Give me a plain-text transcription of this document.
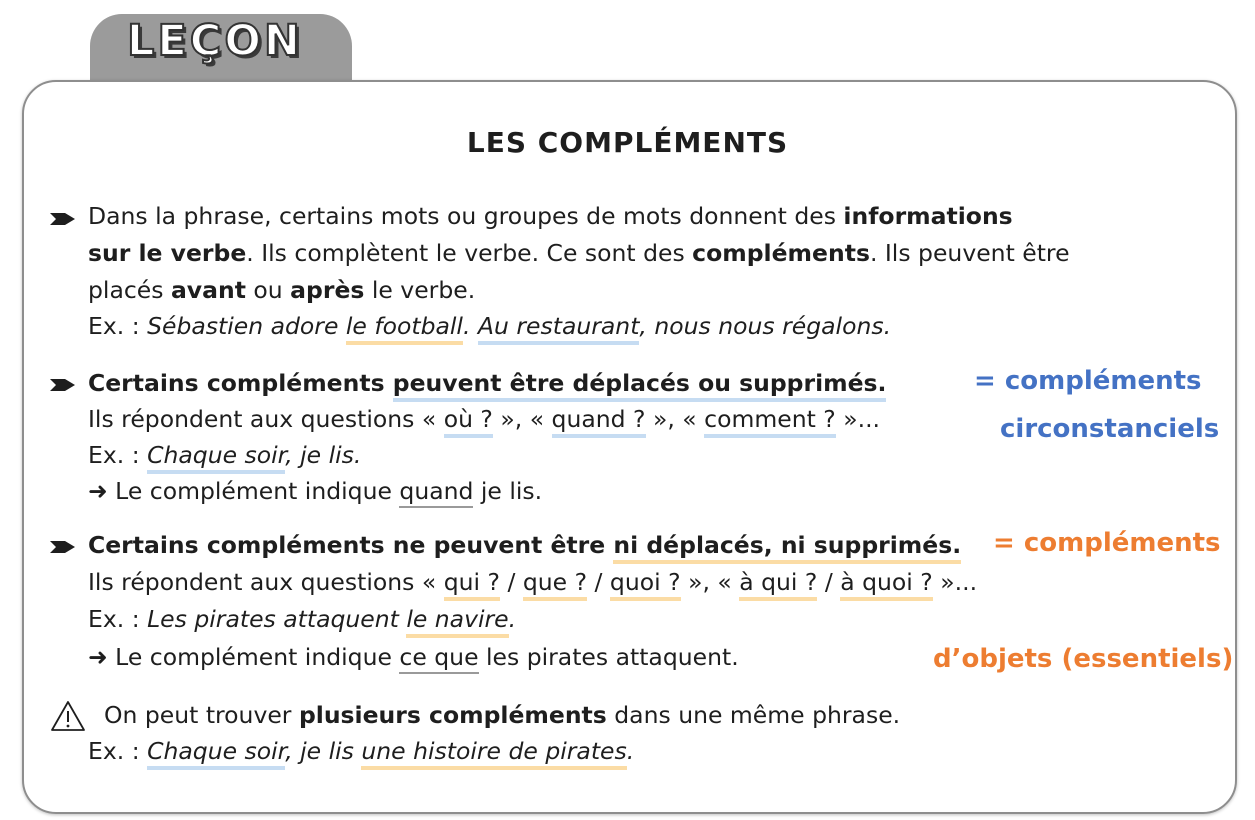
LEÇON
LES COMPLÉMENTS
Dans la phrase, certains mots ou groupes de mots donnent des informations
sur le verbe. Ils complètent le verbe. Ce sont des compléments. Ils peuvent être
placés avant ou après le verbe.
Ex. : Sébastien adore le football. Au restaurant, nous nous régalons.
Certains compléments peuvent être déplacés ou supprimés.
Ils répondent aux questions « où ? », « quand ? », « comment ? »...
Ex. : Chaque soir, je lis.
➜ Le complément indique quand je lis.
Certains compléments ne peuvent être ni déplacés, ni supprimés.
Ils répondent aux questions « qui ? / que ? / quoi ? », « à qui ? / à quoi ? »...
Ex. : Les pirates attaquent le navire.
➜ Le complément indique ce que les pirates attaquent.
On peut trouver plusieurs compléments dans une même phrase.
Ex. : Chaque soir, je lis une histoire de pirates.
= compléments
circonstanciels
= compléments
d’objets (essentiels)
